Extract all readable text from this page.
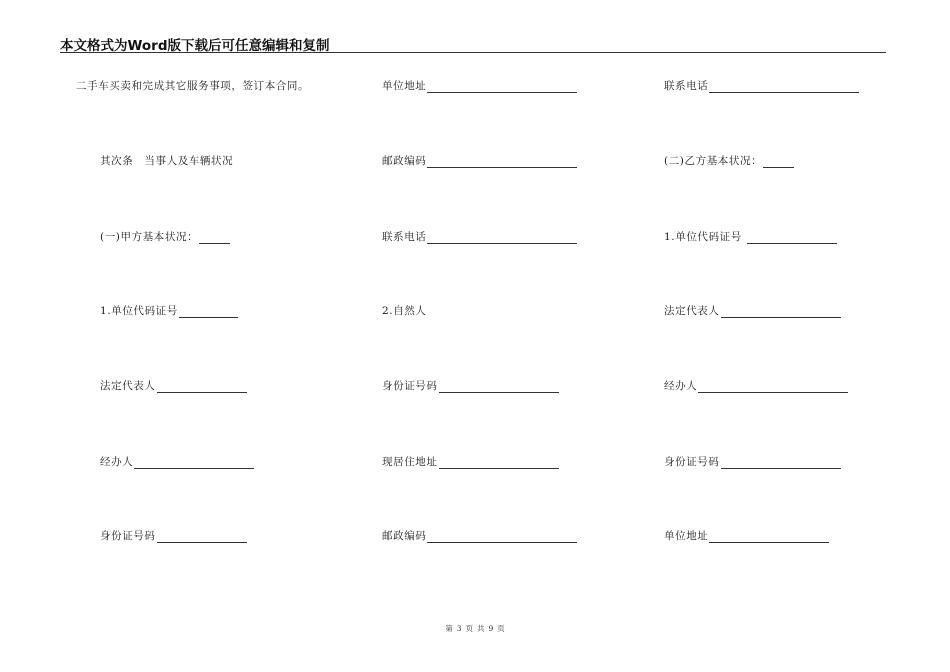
本文格式为Word版下载后可任意编辑和复制
二手车买卖和完成其它服务事项，签订本合同。
其次条　当事人及车辆状况
(一)甲方基本状况：
1.单位代码证号
法定代表人
经办人
身份证号码
单位地址
邮政编码
联系电话
2.自然人
身份证号码
现居住地址
邮政编码
联系电话
(二)乙方基本状况：
1.单位代码证号
法定代表人
经办人
身份证号码
单位地址
第 3 页 共 9 页
